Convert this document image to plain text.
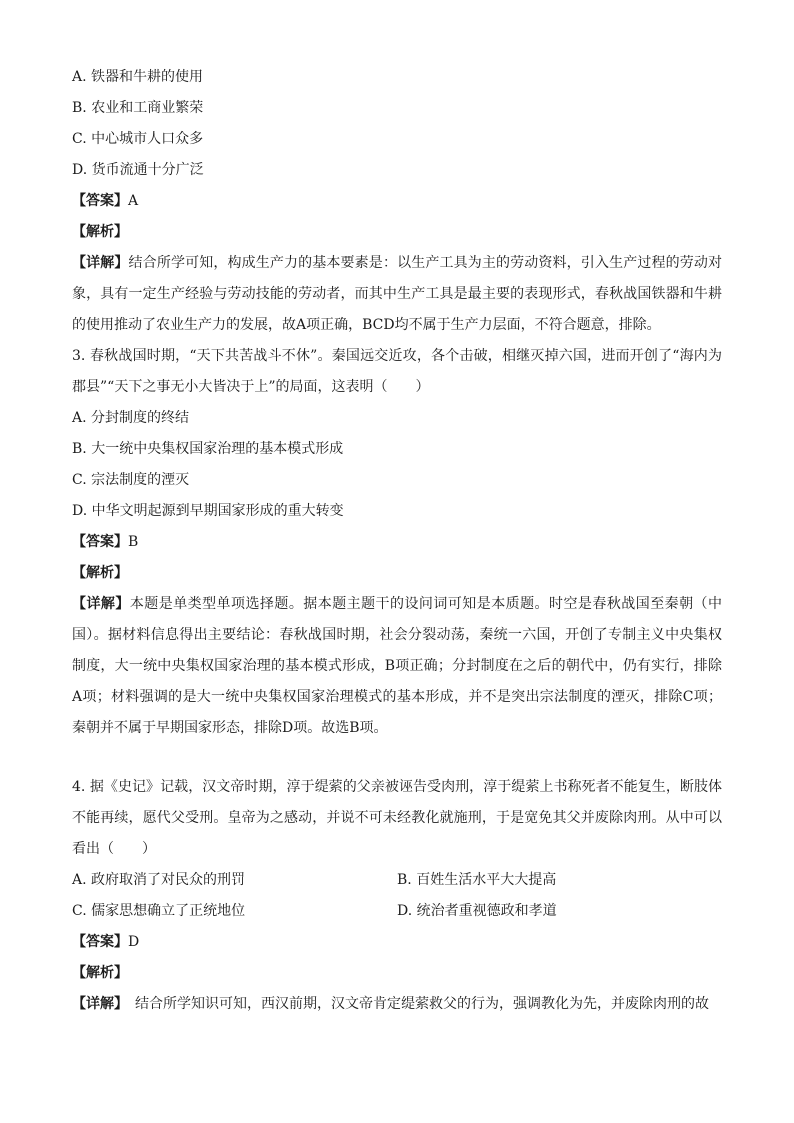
A. 铁器和牛耕的使用
B. 农业和工商业繁荣
C. 中心城市人口众多
D. 货币流通十分广泛
【答案】A
【解析】
【详解】结合所学可知，构成生产力的基本要素是：以生产工具为主的劳动资料，引入生产过程的劳动对象，具有一定生产经验与劳动技能的劳动者，而其中生产工具是最主要的表现形式，春秋战国铁器和牛耕的使用推动了农业生产力的发展，故A项正确，BCD均不属于生产力层面，不符合题意，排除。
3. 春秋战国时期，“天下共苦战斗不休”。秦国远交近攻，各个击破，相继灭掉六国，进而开创了“海内为郡县”“天下之事无小大皆决于上”的局面，这表明（　　）
A. 分封制度的终结
B. 大一统中央集权国家治理的基本模式形成
C. 宗法制度的湮灭
D. 中华文明起源到早期国家形成的重大转变
【答案】B
【解析】
【详解】本题是单类型单项选择题。据本题主题干的设问词可知是本质题。时空是春秋战国至秦朝（中国）。据材料信息得出主要结论：春秋战国时期，社会分裂动荡，秦统一六国，开创了专制主义中央集权制度，大一统中央集权国家治理的基本模式形成，B项正确；分封制度在之后的朝代中，仍有实行，排除A项；材料强调的是大一统中央集权国家治理模式的基本形成，并不是突出宗法制度的湮灭，排除C项；秦朝并不属于早期国家形态，排除D项。故选B项。
4. 据《史记》记载，汉文帝时期，淳于缇萦的父亲被诬告受肉刑，淳于缇萦上书称死者不能复生，断肢体不能再续，愿代父受刑。皇帝为之感动，并说不可未经教化就施刑，于是宽免其父并废除肉刑。从中可以看出（　　）
A. 政府取消了对民众的刑罚	B. 百姓生活水平大大提高
C. 儒家思想确立了正统地位	D. 统治者重视德政和孝道
【答案】D
【解析】
【详解】　结合所学知识可知，西汉前期，汉文帝肯定缇萦救父的行为，强调教化为先，并废除肉刑的故
